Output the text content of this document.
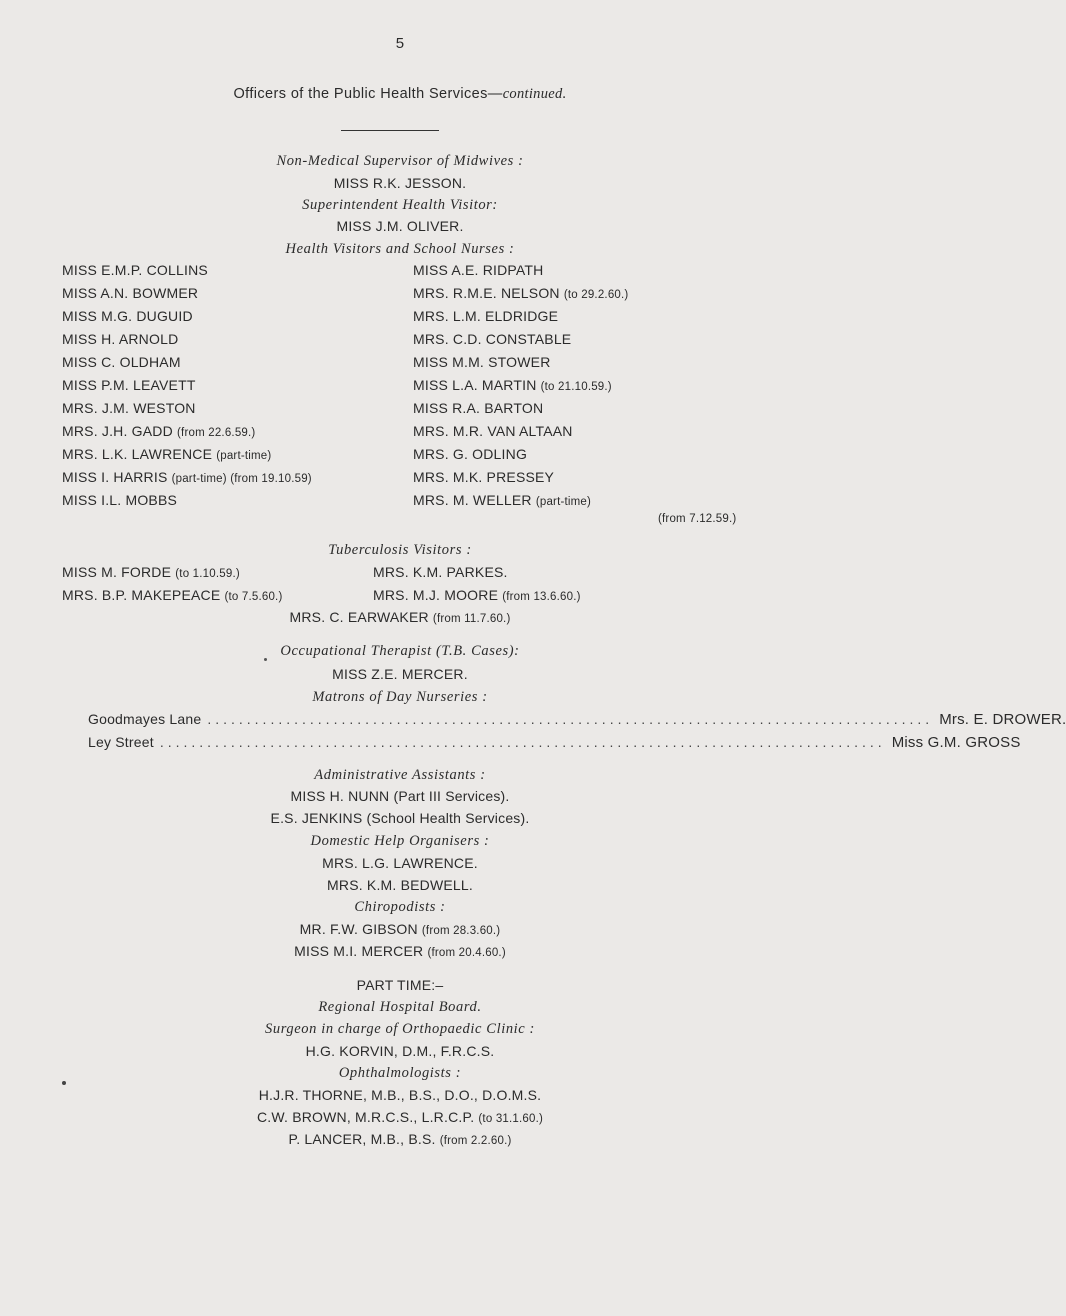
5
Officers of the Public Health Services—continued.
Non-Medical Supervisor of Midwives :
MISS R.K. JESSON.
Superintendent Health Visitor:
MISS J.M. OLIVER.
Health Visitors and School Nurses :
MISS E.M.P. COLLINS
MISS A.N. BOWMER
MISS M.G. DUGUID
MISS H. ARNOLD
MISS C. OLDHAM
MISS P.M. LEAVETT
MRS. J.M. WESTON
MRS. J.H. GADD (from 22.6.59.)
MRS. L.K. LAWRENCE (part-time)
MISS I. HARRIS (part-time) (from 19.10.59)
MISS I.L. MOBBS
MISS A.E. RIDPATH
MRS. R.M.E. NELSON (to 29.2.60.)
MRS. L.M. ELDRIDGE
MRS. C.D. CONSTABLE
MISS M.M. STOWER
MISS L.A. MARTIN (to 21.10.59.)
MISS R.A. BARTON
MRS. M.R. VAN ALTAAN
MRS. G. ODLING
MRS. M.K. PRESSEY
MRS. M. WELLER (part-time)
(from 7.12.59.)
Tuberculosis Visitors :
MISS M. FORDE (to 1.10.59.)
MRS. B.P. MAKEPEACE (to 7.5.60.)
MRS. K.M. PARKES.
MRS. M.J. MOORE (from 13.6.60.)
MRS. C. EARWAKER (from 11.7.60.)
Occupational Therapist (T.B. Cases):
MISS Z.E. MERCER.
Matrons of Day Nurseries :
Goodmayes Lane ............................................................................................ Mrs. E. DROWER.
Ley Street ............................................................................................ Miss G.M. GROSS
Administrative Assistants :
MISS H. NUNN (Part III Services).
E.S. JENKINS (School Health Services).
Domestic Help Organisers :
MRS. L.G. LAWRENCE.
MRS. K.M. BEDWELL.
Chiropodists :
MR. F.W. GIBSON (from 28.3.60.)
MISS M.I. MERCER (from 20.4.60.)
PART TIME:–
Regional Hospital Board.
Surgeon in charge of Orthopaedic Clinic :
H.G. KORVIN, D.M., F.R.C.S.
Ophthalmologists :
H.J.R. THORNE, M.B., B.S., D.O., D.O.M.S.
C.W. BROWN, M.R.C.S., L.R.C.P. (to 31.1.60.)
P. LANCER, M.B., B.S. (from 2.2.60.)
